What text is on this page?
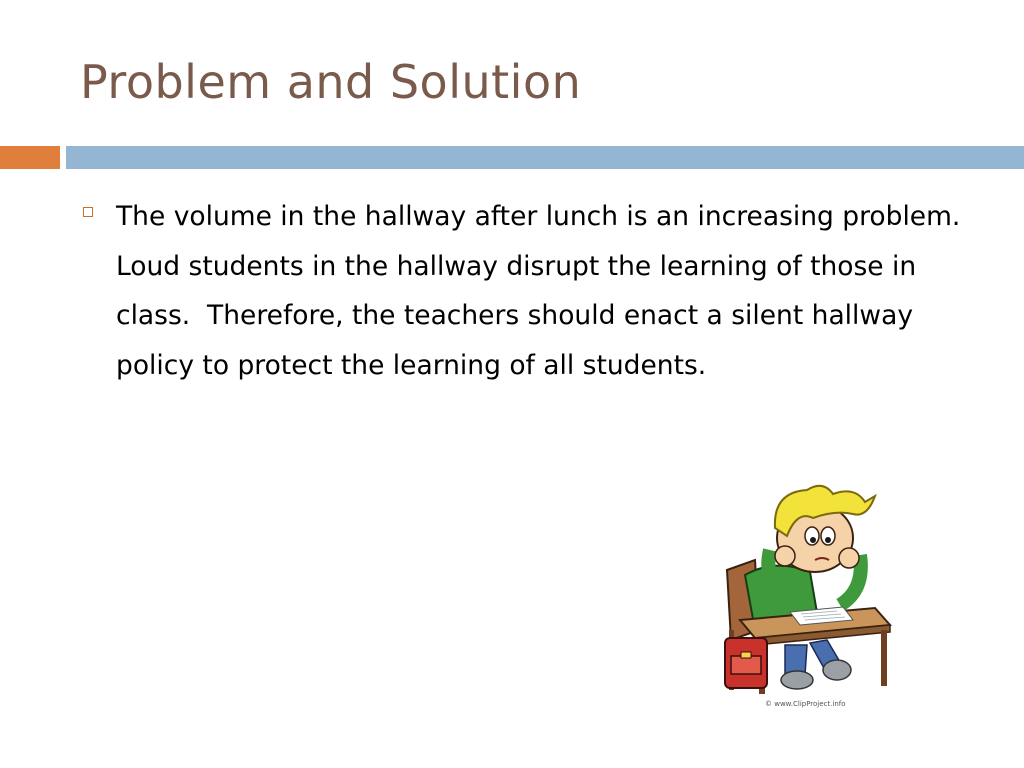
Problem and Solution
The volume in the hallway after lunch is an increasing problem.  Loud students in the hallway disrupt the learning of those in class.  Therefore, the teachers should enact a silent hallway policy to protect the learning of all students.
© www.ClipProject.info
